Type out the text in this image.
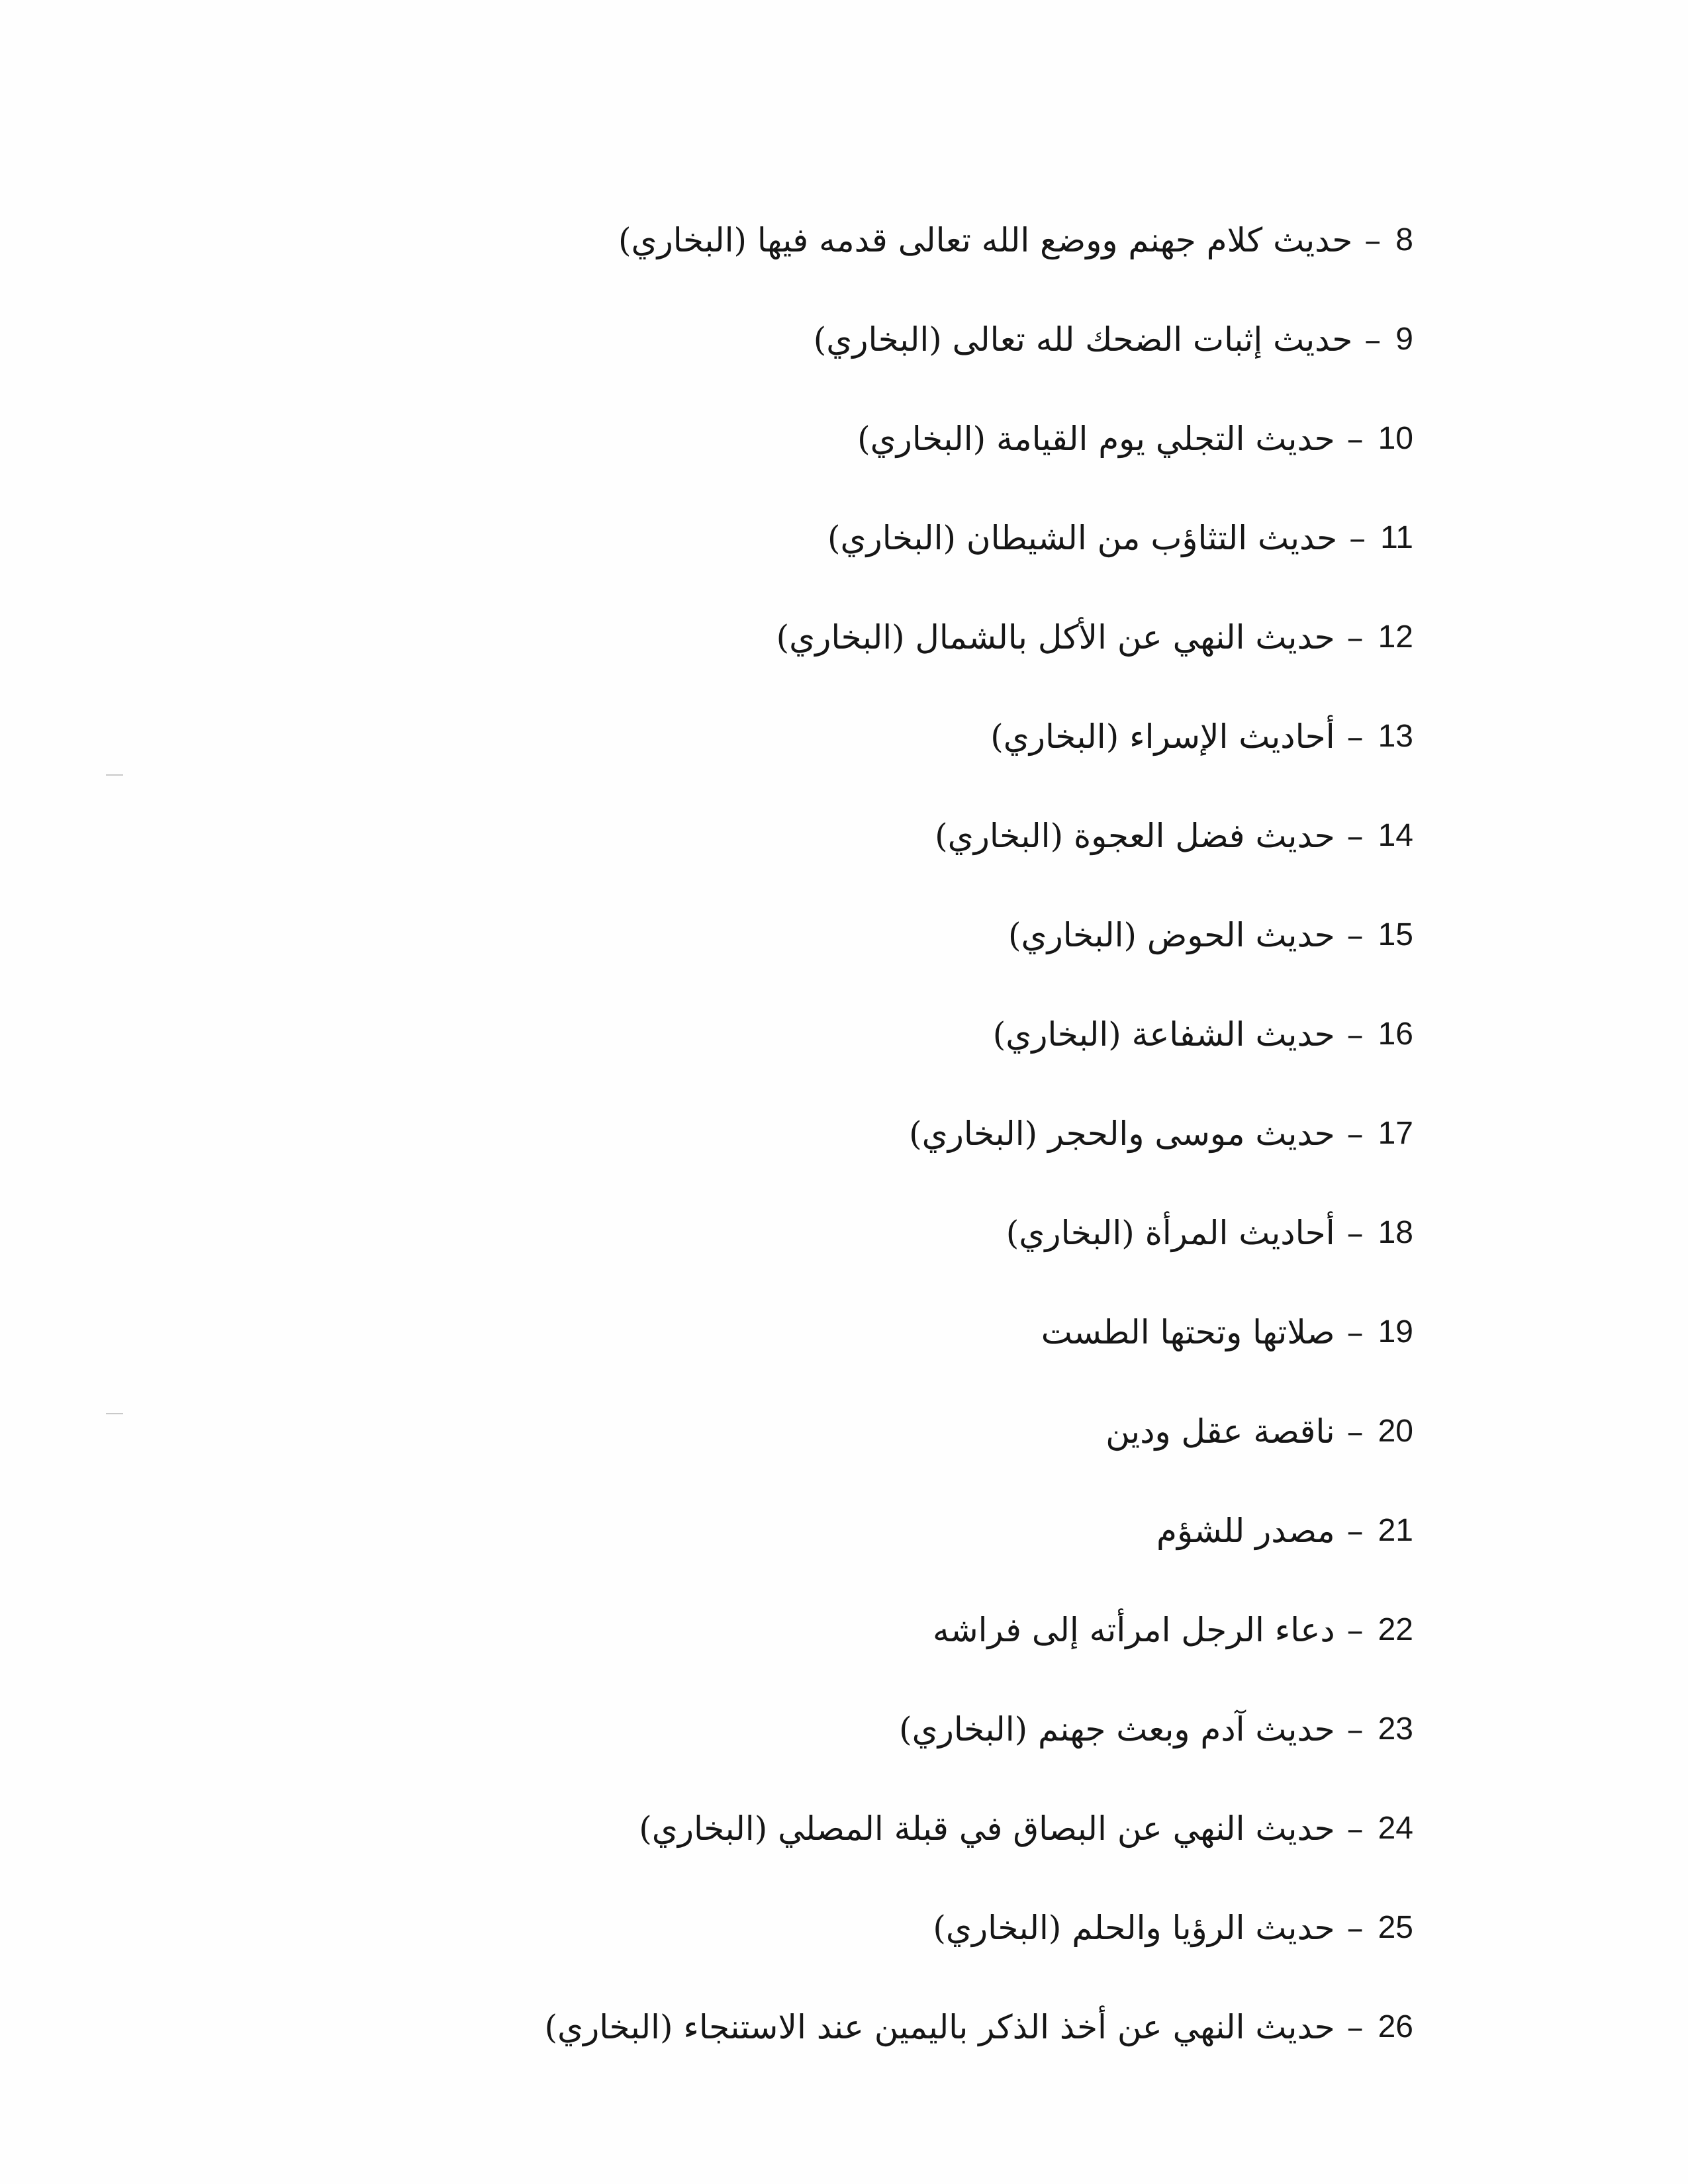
حديث كلام جهنم ووضع الله تعالى قدمه فيها (البخاري) – 8
حديث إثبات الضحك لله تعالى (البخاري) – 9
حديث التجلي يوم القيامة (البخاري) – 10
حديث التثاؤب من الشيطان (البخاري) – 11
حديث النهي عن الأكل بالشمال (البخاري) – 12
أحاديث الإسراء (البخاري) – 13
حديث فضل العجوة (البخاري) – 14
حديث الحوض (البخاري) – 15
حديث الشفاعة (البخاري) – 16
حديث موسى والحجر (البخاري) – 17
أحاديث المرأة (البخاري) – 18
صلاتها وتحتها الطست – 19
ناقصة عقل ودين – 20
مصدر للشؤم – 21
دعاء الرجل امرأته إلى فراشه – 22
حديث آدم وبعث جهنم (البخاري) – 23
حديث النهي عن البصاق في قبلة المصلي (البخاري) – 24
حديث الرؤيا والحلم (البخاري) – 25
حديث النهي عن أخذ الذكر باليمين عند الاستنجاء (البخاري) – 26
